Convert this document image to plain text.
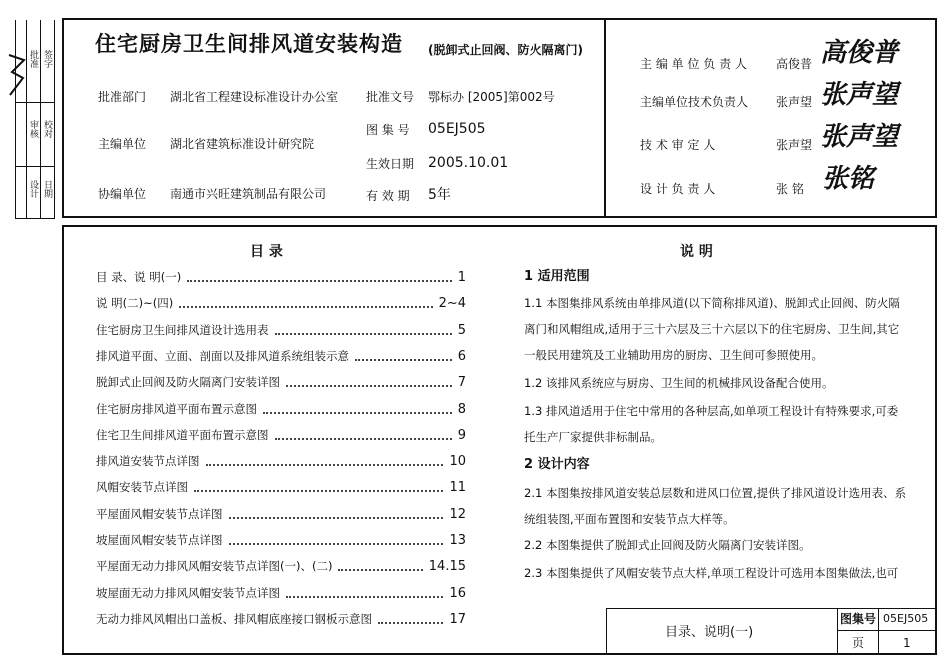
批准 签字
审核 校对
设计 日期
住宅厨房卫生间排风道安装构造 (脱卸式止回阀、防火隔离门)
批准部门 湖北省工程建设标准设计办公室 批准文号 鄂标办 [2005]第002号
主编单位 湖北省建筑标准设计研究院
图 集 号 05EJ505
生效日期 2005.10.01
协编单位 南通市兴旺建筑制品有限公司	有 效 期 5年
主 编 单 位 负 责 人 高俊普 高俊普
主编单位技术负责人 张声望 张声望
技 术 审 定 人	张声望 张声望
设 计 负 责 人	张 铭 张铭
目 录
目 录、说 明(一)	1
说 明(二)~(四)	2~4
住宅厨房卫生间排风道设计选用表	5
排风道平面、立面、剖面以及排风道系统组装示意	6
脱卸式止回阀及防火隔离门安装详图	7
住宅厨房排风道平面布置示意图	8
住宅卫生间排风道平面布置示意图	9
排风道安装节点详图	10
风帽安装节点详图	11
平屋面风帽安装节点详图	12
坡屋面风帽安装节点详图	13
平屋面无动力排风风帽安装节点详图(一)、(二)	14.15
坡屋面无动力排风风帽安装节点详图	16
无动力排风风帽出口盖板、排风帽底座接口钢板示意图	17
说 明
1 适用范围
1.1 本图集排风系统由单排风道(以下简称排风道)、脱卸式止回阀、防火隔
离门和风帽组成,适用于三十六层及三十六层以下的住宅厨房、卫生间,其它
一般民用建筑及工业辅助用房的厨房、卫生间可参照使用。
1.2 该排风系统应与厨房、卫生间的机械排风设备配合使用。
1.3 排风道适用于住宅中常用的各种层高,如单项工程设计有特殊要求,可委
托生产厂家提供非标制品。
2 设计内容
2.1 本图集按排风道安装总层数和进风口位置,提供了排风道设计选用表、系
统组装图,平面布置图和安装节点大样等。
2.2 本图集提供了脱卸式止回阀及防火隔离门安装详图。
2.3 本图集提供了风帽安装节点大样,单项工程设计可选用本图集做法,也可
目录、说明(一)
图集号 05EJ505
页	1
